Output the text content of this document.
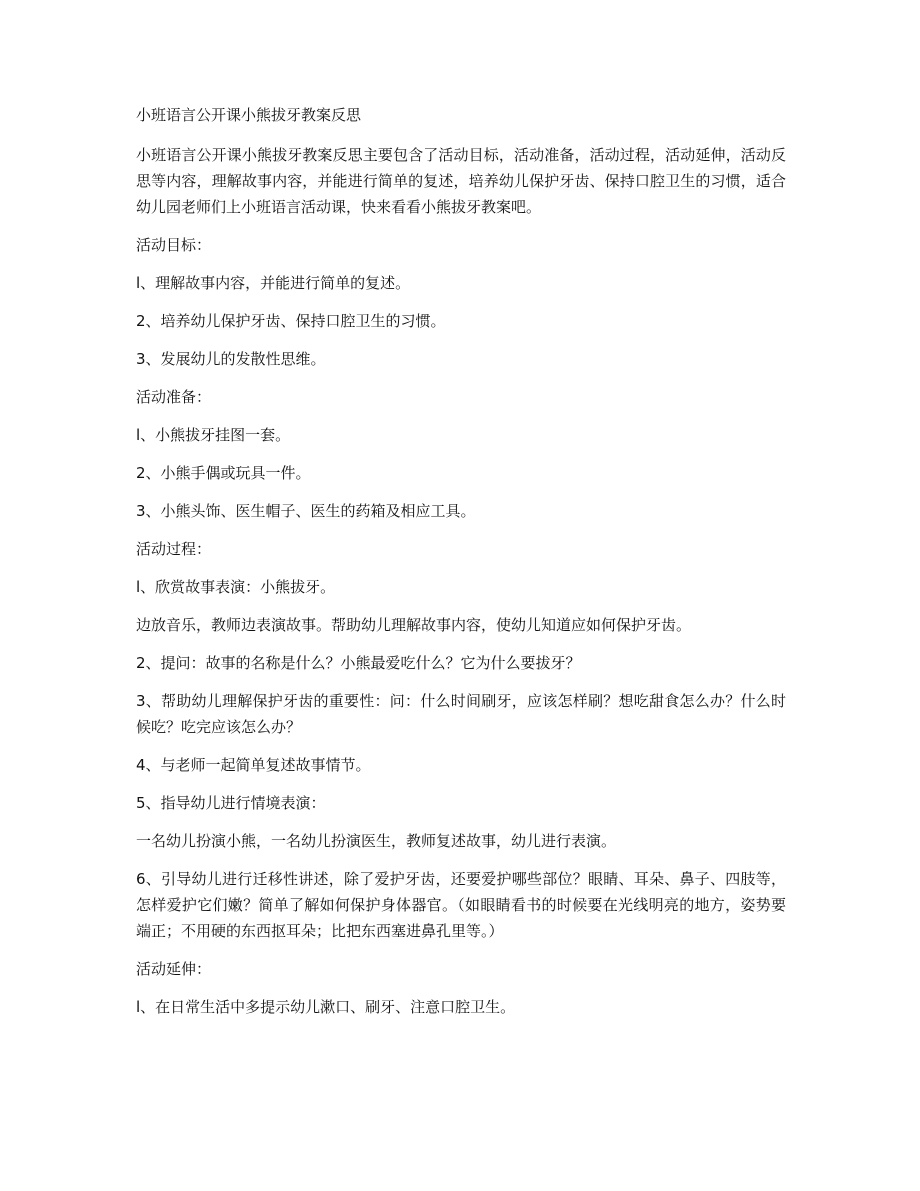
小班语言公开课小熊拔牙教案反思
小班语言公开课小熊拔牙教案反思主要包含了活动目标，活动准备，活动过程，活动延伸，活动反思等内容，理解故事内容，并能进行简单的复述，培养幼儿保护牙齿、保持口腔卫生的习惯，适合幼儿园老师们上小班语言活动课，快来看看小熊拔牙教案吧。
活动目标：
l、理解故事内容，并能进行简单的复述。
2、培养幼儿保护牙齿、保持口腔卫生的习惯。
3、发展幼儿的发散性思维。
活动准备：
l、小熊拔牙挂图一套。
2、小熊手偶或玩具一件。
3、小熊头饰、医生帽子、医生的药箱及相应工具。
活动过程：
l、欣赏故事表演：小熊拔牙。
边放音乐，教师边表演故事。帮助幼儿理解故事内容，使幼儿知道应如何保护牙齿。
2、提问：故事的名称是什么？小熊最爱吃什么？它为什么要拔牙？
3、帮助幼儿理解保护牙齿的重要性：问：什么时间刷牙，应该怎样刷？想吃甜食怎么办？什么时候吃？吃完应该怎么办？
4、与老师一起简单复述故事情节。
5、指导幼儿进行情境表演：
一名幼儿扮演小熊，一名幼儿扮演医生，教师复述故事，幼儿进行表演。
6、引导幼儿进行迁移性讲述，除了爱护牙齿，还要爱护哪些部位？眼睛、耳朵、鼻子、四肢等，怎样爱护它们嫩？简单了解如何保护身体器官。（如眼睛看书的时候要在光线明亮的地方，姿势要端正；不用硬的东西抠耳朵；比把东西塞进鼻孔里等。）
活动延伸：
l、在日常生活中多提示幼儿漱口、刷牙、注意口腔卫生。
